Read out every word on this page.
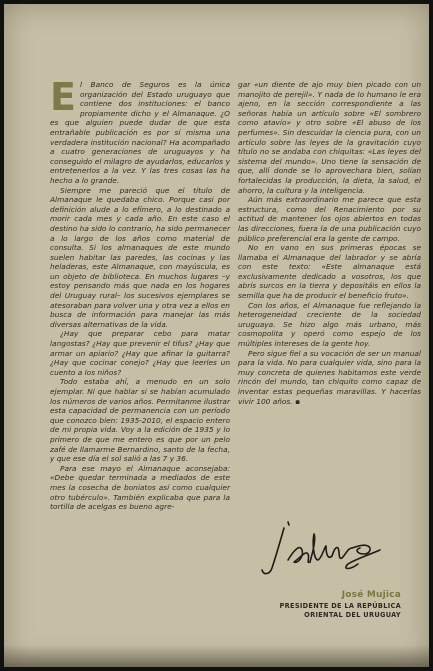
El Banco de Seguros es la única organización del Estado uruguayo que contiene dos instituciones: el banco propiamente dicho y el Almanaque. ¿O es que alguien puede dudar de que esta entrañable publicación es por sí misma una verdadera institución nacional? Ha acompañado a cuatro generaciones de uruguayos y ha conseguido el milagro de ayudarlos, educarlos y entretenerlos a la vez. Y las tres cosas las ha hecho a lo grande.

Siempre me pareció que el título de Almanaque le quedaba chico. Porque casi por definición alude a lo efímero, a lo destinado a morir cada mes y cada año. En este caso el destino ha sido lo contrario, ha sido permanecer a lo largo de los años como material de consulta. Si los almanaques de este mundo suelen habitar las paredes, las cocinas y las heladeras, este Almanaque, con mayúscula, es un objeto de biblioteca. En muchos lugares –y estoy pensando más que nada en los hogares del Uruguay rural– los sucesivos ejemplares se atesoraban para volver una y otra vez a ellos en busca de información para manejar las más diversas alternativas de la vida.

¿Hay que preparar cebo para matar langostas? ¿Hay que prevenir el tifus? ¿Hay que armar un apiario? ¿Hay que afinar la guitarra? ¿Hay que cocinar conejo? ¿Hay que leerles un cuento a los niños?

Todo estaba ahí, a menudo en un solo ejemplar. Ni que hablar si se habían acumulado los números de varios años. Permítanme ilustrar esta capacidad de permanencia con un período que conozco bien: 1935-2010, el espacio entero de mi propia vida. Voy a la edición de 1935 y lo primero de que me entero es que por un pelo zafé de llamarme Bernardino, santo de la fecha, y que ese día el sol salió a las 7 y 36.

Para ese mayo el Almanaque aconsejaba: «Debe quedar terminada a mediados de este mes la cosecha de boniatos así como cualquier otro tubérculo». También explicaba que para la tortilla de acelgas es bueno agre-

gar «un diente de ajo muy bien picado con un manojito de perejil». Y nada de lo humano le era ajeno, en la sección correspondiente a las señoras había un artículo sobre «El sombrero como atavío» y otro sobre «El abuso de los perfumes». Sin descuidar la ciencia pura, con un artículo sobre las leyes de la gravitación cuyo título no se andaba con chiquitas: «Las leyes del sistema del mundo». Uno tiene la sensación de que, allí donde se lo aprovechara bien, solían fortalecidas la producción, la dieta, la salud, el ahorro, la cultura y la inteligencia.

Aún más extraordinario me parece que esta estructura, como del Renacimiento por su actitud de mantener los ojos abiertos en todas las direcciones, fuera la de una publicación cuyo público preferencial era la gente de campo.

No en vano en sus primeras épocas se llamaba el Almanaque del labrador y se abría con este texto: «Este almanaque está exclusivamente dedicado a vosotros, los que abrís surcos en la tierra y depositáis en ellos la semilla que ha de producir el beneficio fruto».

Con los años, el Almanaque fue reflejando la heterogeneidad creciente de la sociedad uruguaya. Se hizo algo más urbano, más cosmopolita y operó como espejo de los múltiples intereses de la gente hoy.

Pero sigue fiel a su vocación de ser un manual para la vida. No para cualquier vida, sino para la muy concreta de quienes habitamos este verde rincón del mundo, tan chiquito como capaz de inventar estas pequeñas maravillas. Y hacerlas vivir 100 años. ▪

José Mujica
PRESIDENTE DE LA REPÚBLICA ORIENTAL DEL URUGUAY
